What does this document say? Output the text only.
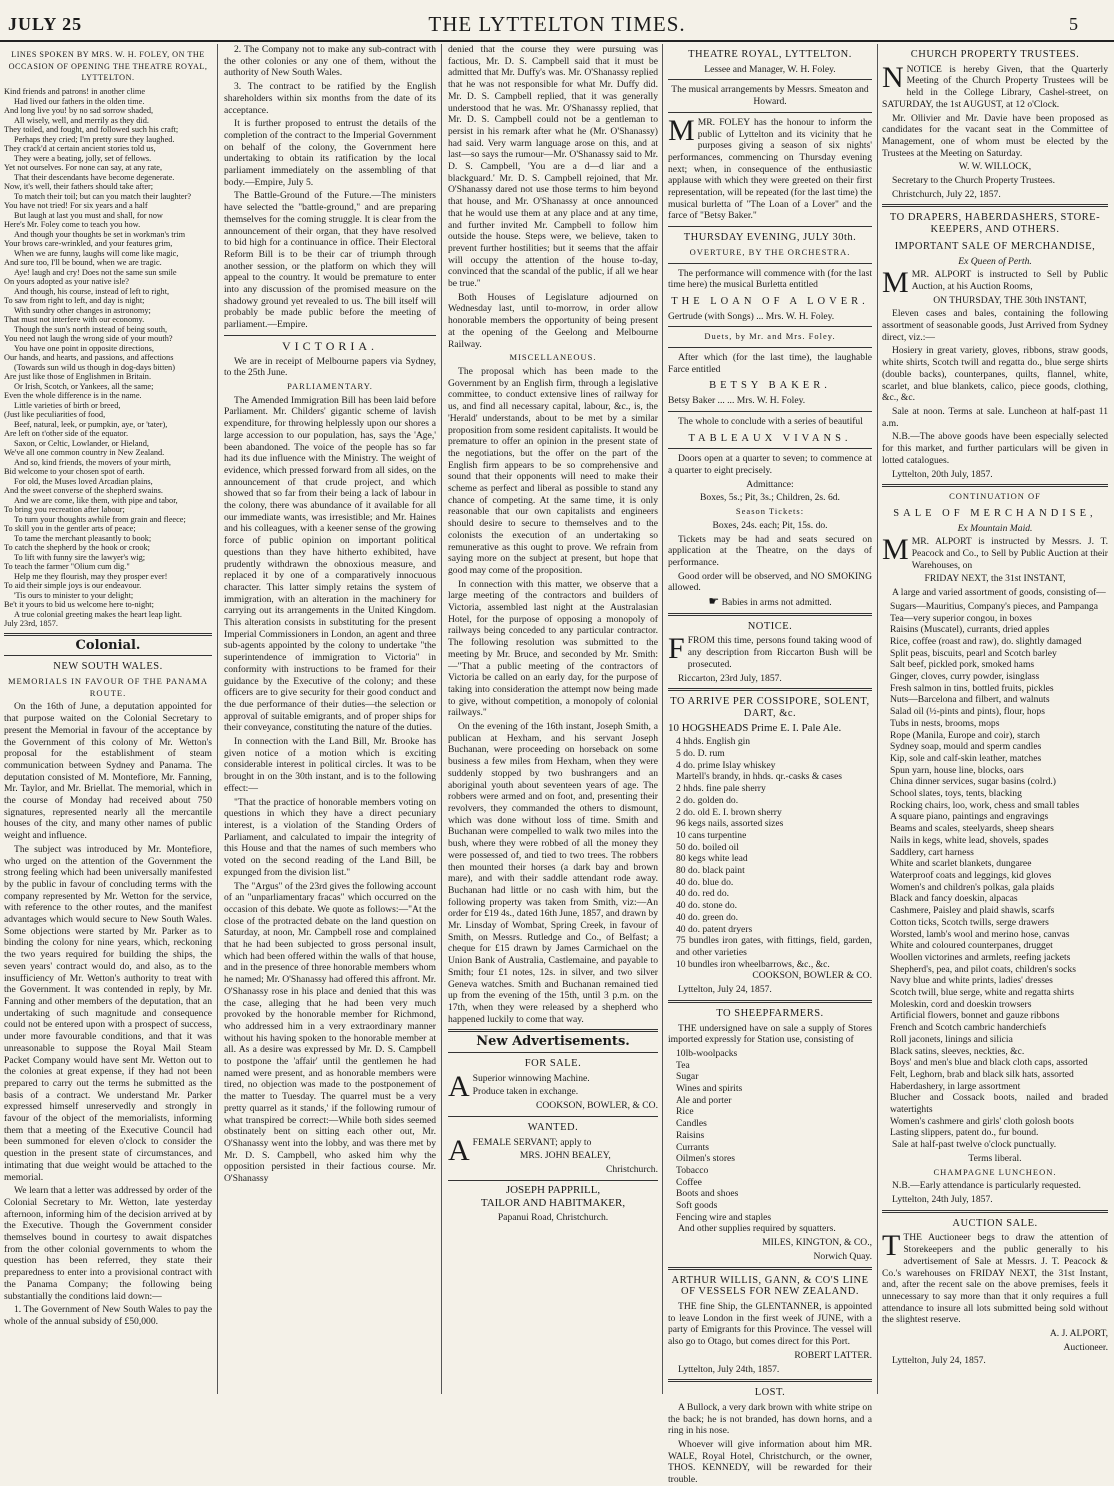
JULY 25	THE LYTTELTON TIMES.	5

LINES SPOKEN BY MRS. W. H. FOLEY, ON THE OCCASION OF OPENING THE THEATRE ROYAL, LYTTELTON.

Kind friends and patrons! in another clime

Had lived our fathers in the olden time.

And long live you! by no sad sorrow shaded,

All wisely, well, and merrily as they did.

They toiled, and fought, and followed such his craft;

Perhaps they cried; I'm pretty sure they laughed.

They crack'd at certain ancient stories told us,

They were a beating, jolly, set of fellows.

Yet not ourselves. For none can say, at any rate,

That their descendants have become degenerate.

Now, it's well, their fathers should take after;

To match their toil; but can you match their laughter?

You have not tried! For six years and a half

But laugh at last you must and shall, for now

Here's Mr. Foley come to teach you how.

And though your thoughts be set in workman's trim

Your brows care-wrinkled, and your features grim,

When we are funny, laughs will come like magic,

And sure too, I'll be bound, when we are tragic.

Aye! laugh and cry! Does not the same sun smile

On yours adopted as your native isle?

And though, his course, instead of left to right,

To saw from right to left, and day is night;

With sundry other changes in astronomy;

That must not interfere with our economy.

Though the sun's north instead of being south,

You need not laugh the wrong side of your mouth?

You have one point in opposite directions,

Our hands, and hearts, and passions, and affections

(Towards sun wild us though in dog-days bitten)

Are just like those of Englishmen in Britain.

Or Irish, Scotch, or Yankees, all the same;

Even the whole difference is in the name.

Little varieties of birth or breed,

(Just like peculiarities of food,

Beef, natural, leek, or pumpkin, aye, or 'tater),

Are left on t'other side of the equator.

Saxon, or Celtic, Lowlander, or Hieland,

We've all one common country in New Zealand.

And so, kind friends, the movers of your mirth,

Bid welcome to your chosen spot of earth.

For old, the Muses loved Arcadian plains,

And the sweet converse of the shepherd swains.

And we are come, like them, with pipe and tabor,

To bring you recreation after labour;

To turn your thoughts awhile from grain and fleece;

To skill you in the gentler arts of peace;

To tame the merchant pleasantly to book;

To catch the shepherd by the hook or crook;

To lift with funny sire the lawyer's wig;

To teach the farmer "Olium cum dig."

Help me they flourish, may they prosper ever!

To aid their simple joys is our endeavour.

'Tis ours to minister to your delight;

Be't it yours to bid us welcome here to-night;

A true colonial greeting makes the heart leap light.

July 23rd, 1857.

Colonial.

NEW SOUTH WALES.

MEMORIALS IN FAVOUR OF THE PANAMA ROUTE.

On the 16th of June, a deputation appointed for that purpose waited on the Colonial Secretary to present the Memorial in favour of the acceptance by the Government of this colony of Mr. Wetton's proposal for the establishment of steam communication between Sydney and Panama. The deputation consisted of M. Montefiore, Mr. Fanning, Mr. Taylor, and Mr. Briellat. The memorial, which in the course of Monday had received about 750 signatures, represented nearly all the mercantile houses of the city, and many other names of public weight and influence.

The subject was introduced by Mr. Montefiore, who urged on the attention of the Government the strong feeling which had been universally manifested by the public in favour of concluding terms with the company represented by Mr. Wetton for the service, with reference to the other routes, and the manifest advantages which would secure to New South Wales. Some objections were started by Mr. Parker as to binding the colony for nine years, which, reckoning the two years required for building the ships, the seven years' contract would do, and also, as to the insufficiency of Mr. Wetton's authority to treat with the Government. It was contended in reply, by Mr. Fanning and other members of the deputation, that an undertaking of such magnitude and consequence could not be entered upon with a prospect of success, under more favourable conditions, and that it was unreasonable to suppose the Royal Mail Steam Packet Company would have sent Mr. Wetton out to the colonies at great expense, if they had not been prepared to carry out the terms he submitted as the basis of a contract. We understand Mr. Parker expressed himself unreservedly and strongly in favour of the object of the memorialists, informing them that a meeting of the Executive Council had been summoned for eleven o'clock to consider the question in the present state of circumstances, and intimating that due weight would be attached to the memorial.

We learn that a letter was addressed by order of the Colonial Secretary to Mr. Wetton, late yesterday afternoon, informing him of the decision arrived at by the Executive. Though the Government consider themselves bound in courtesy to await dispatches from the other colonial governments to whom the question has been referred, they state their preparedness to enter into a provisional contract with the Panama Company; the following being substantially the conditions laid down:—

1. The Government of New South Wales to pay the whole of the annual subsidy of £50,000.

2. The Company not to make any sub-contract with the other colonies or any one of them, without the authority of New South Wales.

3. The contract to be ratified by the English shareholders within six months from the date of its acceptance.

It is further proposed to entrust the details of the completion of the contract to the Imperial Government on behalf of the colony, the Government here undertaking to obtain its ratification by the local parliament immediately on the assembling of that body.—Empire, July 5.

The Battle-Ground of the Future.—The ministers have selected the "battle-ground," and are preparing themselves for the coming struggle. It is clear from the announcement of their organ, that they have resolved to bid high for a continuance in office. Their Electoral Reform Bill is to be their car of triumph through another session, or the platform on which they will appeal to the country. It would be premature to enter into any discussion of the promised measure on the shadowy ground yet revealed to us. The bill itself will probably be made public before the meeting of parliament.—Empire.

VICTORIA.

We are in receipt of Melbourne papers via Sydney, to the 25th June.

PARLIAMENTARY.

The Amended Immigration Bill has been laid before Parliament. Mr. Childers' gigantic scheme of lavish expenditure, for throwing helplessly upon our shores a large accession to our population, has, says the 'Age,' been abandoned. The voice of the people has so far had its due influence with the Ministry. The weight of evidence, which pressed forward from all sides, on the announcement of that crude project, and which showed that so far from their being a lack of labour in the colony, there was abundance of it available for all our immediate wants, was irresistible; and Mr. Haines and his colleagues, with a keener sense of the growing force of public opinion on important political questions than they have hitherto exhibited, have prudently withdrawn the obnoxious measure, and replaced it by one of a comparatively innocuous character. This latter simply retains the system of immigration, with an alteration in the machinery for carrying out its arrangements in the United Kingdom. This alteration consists in substituting for the present Imperial Commissioners in London, an agent and three sub-agents appointed by the colony to undertake "the superintendence of immigration to Victoria" in conformity with instructions to be framed for their guidance by the Executive of the colony; and these officers are to give security for their good conduct and the due performance of their duties—the selection or approval of suitable emigrants, and of proper ships for their conveyance, constituting the nature of the duties.

In connection with the Land Bill, Mr. Brooke has given notice of a motion which is exciting considerable interest in political circles. It was to be brought in on the 30th instant, and is to the following effect:—

"That the practice of honorable members voting on questions in which they have a direct pecuniary interest, is a violation of the Standing Orders of Parliament, and calculated to impair the integrity of this House and that the names of such members who voted on the second reading of the Land Bill, be expunged from the division list."

The "Argus" of the 23rd gives the following account of an "unparliamentary fracas" which occurred on the occasion of this debate. We quote as follows:—"At the close of the protracted debate on the land question on Saturday, at noon, Mr. Campbell rose and complained that he had been subjected to gross personal insult, which had been offered within the walls of that house, and in the presence of three honorable members whom he named; Mr. O'Shanassy had offered this affront. Mr. O'Shanassy rose in his place and denied that this was the case, alleging that he had been very much provoked by the honorable member for Richmond, who addressed him in a very extraordinary manner without his having spoken to the honorable member at all. As a desire was expressed by Mr. D. S. Campbell to postpone the 'affair' until the gentlemen he had named were present, and as honorable members were tired, no objection was made to the postponement of the matter to Tuesday. The quarrel must be a very pretty quarrel as it stands,' if the following rumour of what transpired be correct:—While both sides seemed obstinately bent on sitting each other out, Mr. O'Shanassy went into the lobby, and was there met by Mr. D. S. Campbell, who asked him why the opposition persisted in their factious course. Mr. O'Shanassy

denied that the course they were pursuing was factious, Mr. D. S. Campbell said that it must be admitted that Mr. Duffy's was. Mr. O'Shanassy replied that he was not responsible for what Mr. Duffy did. Mr. D. S. Campbell replied, that it was generally understood that he was. Mr. O'Shanassy replied, that Mr. D. S. Campbell could not be a gentleman to persist in his remark after what he (Mr. O'Shanassy) had said. Very warm language arose on this, and at last—so says the rumour—Mr. O'Shanassy said to Mr. D. S. Campbell, 'You are a d—d liar and a blackguard.' Mr. D. S. Campbell rejoined, that Mr. O'Shanassy dared not use those terms to him beyond that house, and Mr. O'Shanassy at once announced that he would use them at any place and at any time, and further invited Mr. Campbell to follow him outside the house. Steps were, we believe, taken to prevent further hostilities; but it seems that the affair will occupy the attention of the house to-day, convinced that the scandal of the public, if all we hear be true."

Both Houses of Legislature adjourned on Wednesday last, until to-morrow, in order allow honorable members the opportunity of being present at the opening of the Geelong and Melbourne Railway.

MISCELLANEOUS.

The proposal which has been made to the Government by an English firm, through a legislative committee, to conduct extensive lines of railway for us, and find all necessary capital, labour, &c., is, the 'Herald' understands, about to be met by a similar proposition from some resident capitalists. It would be premature to offer an opinion in the present state of the negotiations, but the offer on the part of the English firm appears to be so comprehensive and sound that their opponents will need to make their scheme as perfect and liberal as possible to stand any chance of competing. At the same time, it is only reasonable that our own capitalists and engineers should desire to secure to themselves and to the colonists the execution of an undertaking so remunerative as this ought to prove. We refrain from saying more on the subject at present, but hope that good may come of the proposition.

In connection with this matter, we observe that a large meeting of the contractors and builders of Victoria, assembled last night at the Australasian Hotel, for the purpose of opposing a monopoly of railways being conceded to any particular contractor. The following resolution was submitted to the meeting by Mr. Bruce, and seconded by Mr. Smith:—"That a public meeting of the contractors of Victoria be called on an early day, for the purpose of taking into consideration the attempt now being made to give, without competition, a monopoly of colonial railways."

On the evening of the 16th instant, Joseph Smith, a publican at Hexham, and his servant Joseph Buchanan, were proceeding on horseback on some business a few miles from Hexham, when they were suddenly stopped by two bushrangers and an aboriginal youth about seventeen years of age. The robbers were armed and on foot, and, presenting their revolvers, they commanded the others to dismount, which was done without loss of time. Smith and Buchanan were compelled to walk two miles into the bush, where they were robbed of all the money they were possessed of, and tied to two trees. The robbers then mounted their horses (a dark bay and brown mare), and with their saddle attendant rode away. Buchanan had little or no cash with him, but the following property was taken from Smith, viz:—An order for £19 4s., dated 16th June, 1857, and drawn by Mr. Linsday of Wombat, Spring Creek, in favour of Smith, on Messrs. Rutledge and Co., of Belfast; a cheque for £15 drawn by James Carmichael on the Union Bank of Australia, Castlemaine, and payable to Smith; four £1 notes, 12s. in silver, and two silver Geneva watches. Smith and Buchanan remained tied up from the evening of the 15th, until 3 p.m. on the 17th, when they were released by a shepherd who happened luckily to come that way.

New Advertisements.

FOR SALE.

A Superior winnowing Machine.

Produce taken in exchange.

COOKSON, BOWLER, & CO.

WANTED.

A FEMALE SERVANT; apply to

MRS. JOHN BEALEY,

Christchurch.

JOSEPH PAPPRILL,

TAILOR AND HABITMAKER,

Papanui Road, Christchurch.

THEATRE ROYAL, LYTTELTON.

Lessee and Manager, W. H. Foley.

The musical arrangements by Messrs. Smeaton and Howard.

M MR. FOLEY has the honour to inform the public of Lyttelton and its vicinity that he purposes giving a season of six nights' performances, commencing on Thursday evening next; when, in consequence of the enthusiastic applause with which they were greeted on their first representation, will be repeated (for the last time) the musical burletta of "The Loan of a Lover" and the farce of "Betsy Baker."

THURSDAY EVENING, JULY 30th.

OVERTURE, BY THE ORCHESTRA.

The performance will commence with (for the last time here) the musical Burletta entitled

THE LOAN OF A LOVER.

Gertrude (with Songs) ... Mrs. W. H. Foley.

Duets, by Mr. and Mrs. Foley.

After which (for the last time), the laughable Farce entitled

BETSY BAKER.

Betsy Baker ... ... Mrs. W. H. Foley.

The whole to conclude with a series of beautiful

TABLEAUX VIVANS.

Doors open at a quarter to seven; to commence at a quarter to eight precisely.

Admittance:

Boxes, 5s.; Pit, 3s.; Children, 2s. 6d.

Season Tickets:

Boxes, 24s. each; Pit, 15s. do.

Tickets may be had and seats secured on application at the Theatre, on the days of performance.

Good order will be observed, and NO SMOKING allowed.

☛ Babies in arms not admitted.

NOTICE.

F FROM this time, persons found taking wood of any description from Riccarton Bush will be prosecuted.

Riccarton, 23rd July, 1857.

TO ARRIVE PER COSSIPORE, SOLENT, DART, &c.

10 HOGSHEADS Prime E. I. Pale Ale.

4 hhds. English gin
5 do. D. rum
4 do. prime Islay whiskey
Martell's brandy, in hhds. qr.-casks & cases
2 hhds. fine pale sherry
2 do. golden do.
2 do. old E. I. brown sherry
96 kegs nails, assorted sizes
10 cans turpentine
50 do. boiled oil
80 kegs white lead
80 do. black paint
40 do. blue do.
40 do. red do.
40 do. stone do.
40 do. green do.
40 do. patent dryers
75 bundles iron gates, with fittings, field, garden, and other varieties
10 bundles iron wheelbarrows, &c., &c.

COOKSON, BOWLER & CO.

Lyttelton, July 24, 1857.

TO SHEEPFARMERS.

THE undersigned have on sale a supply of Stores imported expressly for Station use, consisting of

10lb-woolpacks
Tea
Sugar
Wines and spirits
Ale and porter
Rice
Candles
Raisins
Currants
Oilmen's stores
Tobacco
Coffee
Boots and shoes
Soft goods
Fencing wire and staples

And other supplies required by squatters.

MILES, KINGTON, & CO.,

Norwich Quay.

ARTHUR WILLIS, GANN, & CO'S LINE OF VESSELS FOR NEW ZEALAND.

THE fine Ship, the GLENTANNER, is appointed to leave London in the first week of JUNE, with a party of Emigrants for this Province. The vessel will also go to Otago, but comes direct for this Port.

ROBERT LATTER.

Lyttelton, July 24th, 1857.

LOST.

A Bullock, a very dark brown with white stripe on the back; he is not branded, has down horns, and a ring in his nose.

Whoever will give information about him MR. WALE, Royal Hotel, Christchurch, or the owner, THOS. KENNEDY, will be rewarded for their trouble.

CHURCH PROPERTY TRUSTEES.

N NOTICE is hereby Given, that the Quarterly Meeting of the Church Property Trustees will be held in the College Library, Cashel-street, on SATURDAY, the 1st AUGUST, at 12 o'Clock.

Mr. Ollivier and Mr. Davie have been proposed as candidates for the vacant seat in the Committee of Management, one of whom must be elected by the Trustees at the Meeting on Saturday.

W. W. WILLOCK,

Secretary to the Church Property Trustees.

Christchurch, July 22, 1857.

TO DRAPERS, HABERDASHERS, STORE-KEEPERS, AND OTHERS.

IMPORTANT SALE OF MERCHANDISE,

Ex Queen of Perth.

M MR. ALPORT is instructed to Sell by Public Auction, at his Auction Rooms,

ON THURSDAY, THE 30th INSTANT,

Eleven cases and bales, containing the following assortment of seasonable goods, Just Arrived from Sydney direct, viz.:—

Hosiery in great variety, gloves, ribbons, straw goods, white shirts, Scotch twill and regatta do., blue serge shirts (double backs), counterpanes, quilts, flannel, white, scarlet, and blue blankets, calico, piece goods, clothing, &c., &c.

Sale at noon. Terms at sale. Luncheon at half-past 11 a.m.

N.B.—The above goods have been especially selected for this market, and further particulars will be given in lotted catalogues.

Lyttelton, 20th July, 1857.

CONTINUATION OF

SALE OF MERCHANDISE,

Ex Mountain Maid.

M MR. ALPORT is instructed by Messrs. J. T. Peacock and Co., to Sell by Public Auction at their Warehouses, on

FRIDAY NEXT, the 31st INSTANT,

A large and varied assortment of goods, consisting of—

Sugars—Mauritius, Company's pieces, and Pampanga
Tea—very superior congou, in boxes
Raisins (Muscatel), currants, dried apples
Rice, coffee (roast and raw), do. slightly damaged
Split peas, biscuits, pearl and Scotch barley
Salt beef, pickled pork, smoked hams
Ginger, cloves, curry powder, isinglass
Fresh salmon in tins, bottled fruits, pickles
Nuts—Barcelona and filbert, and walnuts
Salad oil (½-pints and pints), flour, hops
Tubs in nests, brooms, mops
Rope (Manila, Europe and coir), starch
Sydney soap, mould and sperm candles
Kip, sole and calf-skin leather, matches
Spun yarn, house line, blocks, oars
China dinner services, sugar basins (colrd.)
School slates, toys, tents, blacking
Rocking chairs, loo, work, chess and small tables
A square piano, paintings and engravings
Beams and scales, steelyards, sheep shears
Nails in kegs, white lead, shovels, spades
Saddlery, cart harness
White and scarlet blankets, dungaree
Waterproof coats and leggings, kid gloves
Women's and children's polkas, gala plaids
Black and fancy doeskin, alpacas
Cashmere, Paisley and plaid shawls, scarfs
Cotton ticks, Scotch twills, serge drawers
Worsted, lamb's wool and merino hose, canvas
White and coloured counterpanes, drugget
Woollen victorines and armlets, reefing jackets
Shepherd's, pea, and pilot coats, children's socks
Navy blue and white prints, ladies' dresses
Scotch twill, blue serge, white and regatta shirts
Moleskin, cord and doeskin trowsers
Artificial flowers, bonnet and gauze ribbons
French and Scotch cambric handerchiefs
Roll jaconets, linings and silicia
Black satins, sleeves, neckties, &c.
Boys' and men's blue and black cloth caps, assorted
Felt, Leghorn, brab and black silk hats, assorted
Haberdashery, in large assortment
Blucher and Cossack boots, nailed and braded watertights
Women's cashmere and girls' cloth golosh boots
Lasting slippers, patent do., fur bound.

Sale at half-past twelve o'clock punctually.

Terms liberal.

CHAMPAGNE LUNCHEON.

N.B.—Early attendance is particularly requested.

Lyttelton, 24th July, 1857.

AUCTION SALE.

T THE Auctioneer begs to draw the attention of Storekeepers and the public generally to his advertisement of Sale at Messrs. J. T. Peacock & Co.'s warehouses on FRIDAY NEXT, the 31st Instant, and, after the recent sale on the above premises, feels it unnecessary to say more than that it only requires a full attendance to insure all lots submitted being sold without the slightest reserve.

A. J. ALPORT,

Auctioneer.

Lyttelton, July 24, 1857.
